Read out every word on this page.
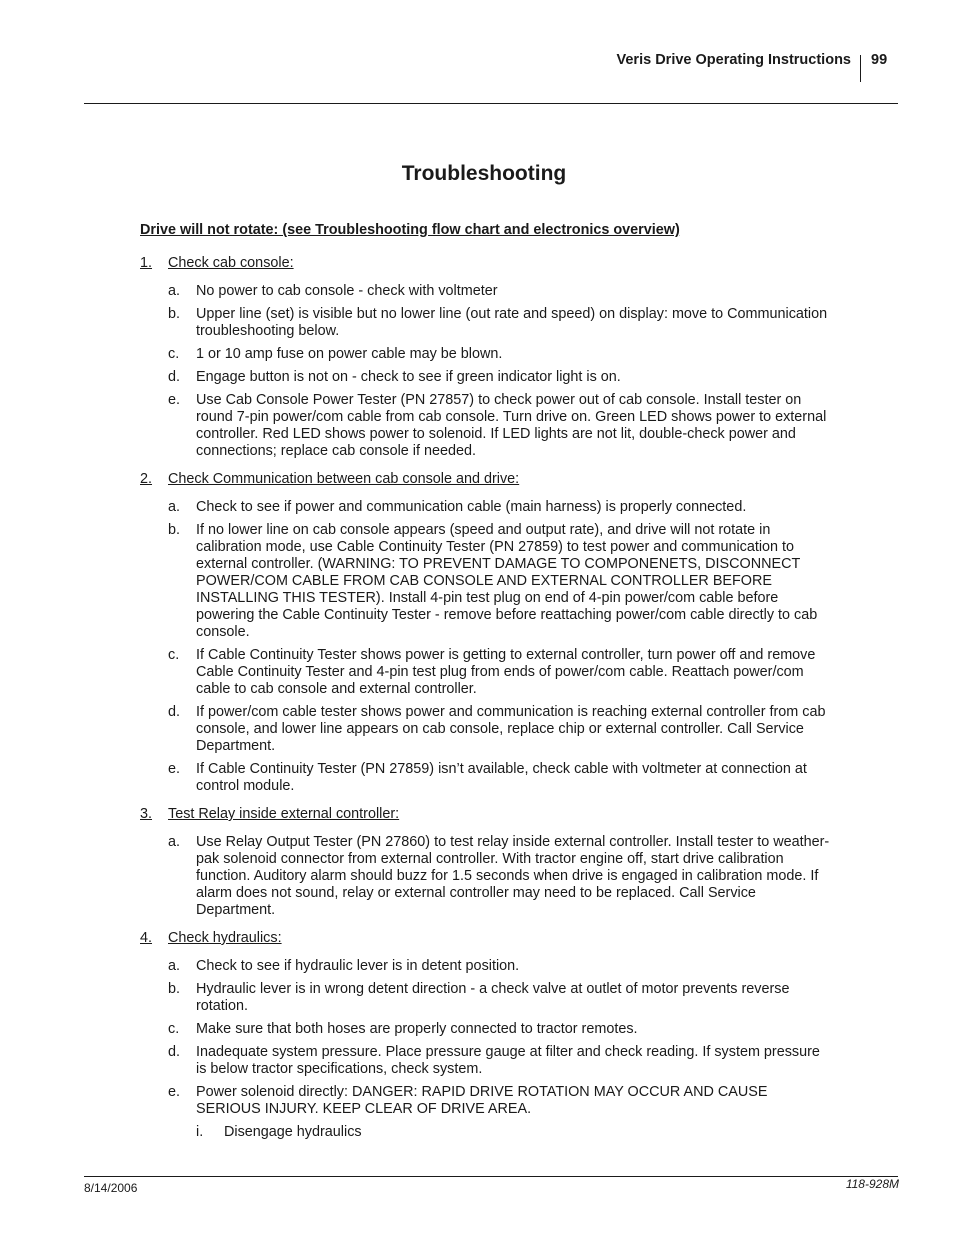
Veris Drive Operating Instructions 99
Troubleshooting
Drive will not rotate: (see Troubleshooting flow chart and electronics overview)
1. Check cab console:
a. No power to cab console - check with voltmeter
b. Upper line (set) is visible but no lower line (out rate and speed) on display: move to Communication troubleshooting below.
c. 1 or 10 amp fuse on power cable may be blown.
d. Engage button is not on - check to see if green indicator light is on.
e. Use Cab Console Power Tester (PN 27857) to check power out of cab console. Install tester on round 7-pin power/com cable from cab console. Turn drive on. Green LED shows power to external controller. Red LED shows power to solenoid. If LED lights are not lit, double-check power and connections; replace cab console if needed.
2. Check Communication between cab console and drive:
a. Check to see if power and communication cable (main harness) is properly connected.
b. If no lower line on cab console appears (speed and output rate), and drive will not rotate in calibration mode, use Cable Continuity Tester (PN 27859) to test power and communication to external controller. (WARNING: TO PREVENT DAMAGE TO COMPONENETS, DISCONNECT POWER/COM CABLE FROM CAB CONSOLE AND EXTERNAL CONTROLLER BEFORE INSTALLING THIS TESTER). Install 4-pin test plug on end of 4-pin power/com cable before powering the Cable Continuity Tester - remove before reattaching power/com cable directly to cab console.
c. If Cable Continuity Tester shows power is getting to external controller, turn power off and remove Cable Continuity Tester and 4-pin test plug from ends of power/com cable. Reattach power/com cable to cab console and external controller.
d. If power/com cable tester shows power and communication is reaching external controller from cab console, and lower line appears on cab console, replace chip or external controller. Call Service Department.
e. If Cable Continuity Tester (PN 27859) isn’t available, check cable with voltmeter at connection at control module.
3. Test Relay inside external controller:
a. Use Relay Output Tester (PN 27860) to test relay inside external controller. Install tester to weather-pak solenoid connector from external controller. With tractor engine off, start drive calibration function. Auditory alarm should buzz for 1.5 seconds when drive is engaged in calibration mode. If alarm does not sound, relay or external controller may need to be replaced. Call Service Department.
4. Check hydraulics:
a. Check to see if hydraulic lever is in detent position.
b. Hydraulic lever is in wrong detent direction - a check valve at outlet of motor prevents reverse rotation.
c. Make sure that both hoses are properly connected to tractor remotes.
d. Inadequate system pressure. Place pressure gauge at filter and check reading. If system pressure is below tractor specifications, check system.
e. Power solenoid directly: DANGER: RAPID DRIVE ROTATION MAY OCCUR AND CAUSE SERIOUS INJURY. KEEP CLEAR OF DRIVE AREA.
i. Disengage hydraulics
8/14/2006	118-928M
